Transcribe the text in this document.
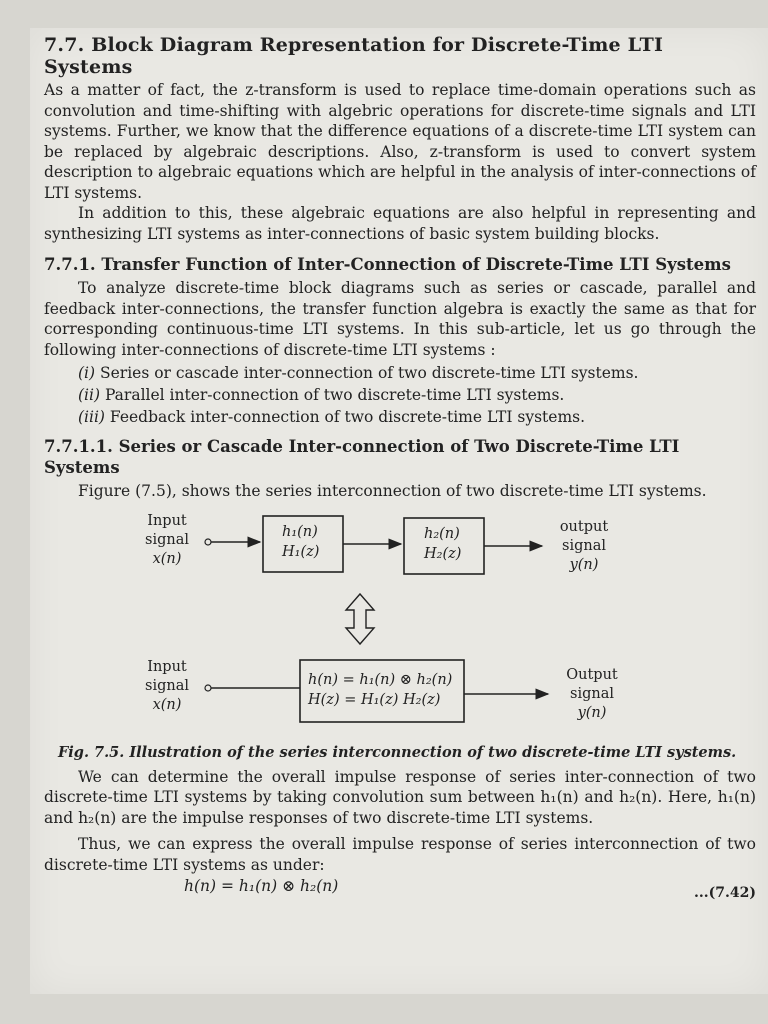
7.7. Block Diagram Representation for Discrete-Time LTI Systems

As a matter of fact, the z-transform is used to replace time-domain operations such as convolution and time-shifting with algebric operations for discrete-time signals and LTI systems. Further, we know that the difference equations of a discrete-time LTI system can be replaced by algebraic descriptions. Also, z-transform is used to convert system description to algebraic equations which are helpful in the analysis of inter-connections of LTI systems.

In addition to this, these algebraic equations are also helpful in representing and synthesizing LTI systems as inter-connections of basic system building blocks.

7.7.1. Transfer Function of Inter-Connection of Discrete-Time LTI Systems

To analyze discrete-time block diagrams such as series or cascade, parallel and feedback inter-connections, the transfer function algebra is exactly the same as that for corresponding continuous-time LTI systems. In this sub-article, let us go through the following inter-connections of discrete-time LTI systems :

(i) Series or cascade inter-connection of two discrete-time LTI systems.
(ii) Parallel inter-connection of two discrete-time LTI systems.
(iii) Feedback inter-connection of two discrete-time LTI systems.
7.7.1.1. Series or Cascade Inter-connection of Two Discrete-Time LTI Systems

Figure (7.5), shows the series interconnection of two discrete-time LTI systems.

Input
signal
x(n)
h₁(n)
H₁(z)
h₂(n)
H₂(z)
output
signal
y(n)
Input
signal
x(n)
h(n) = h₁(n) ⊗ h₂(n)
H(z) = H₁(z) H₂(z)
Output
signal
y(n)
Fig. 7.5. Illustration of the series interconnection of two discrete-time LTI systems.

We can determine the overall impulse response of series inter-connection of two discrete-time LTI systems by taking convolution sum between h₁(n) and h₂(n). Here, h₁(n) and h₂(n) are the impulse responses of two discrete-time LTI systems.

Thus, we can express the overall impulse response of series interconnection of two discrete-time LTI systems as under:

h(n) = h₁(n) ⊗ h₂(n)	...(7.42)
